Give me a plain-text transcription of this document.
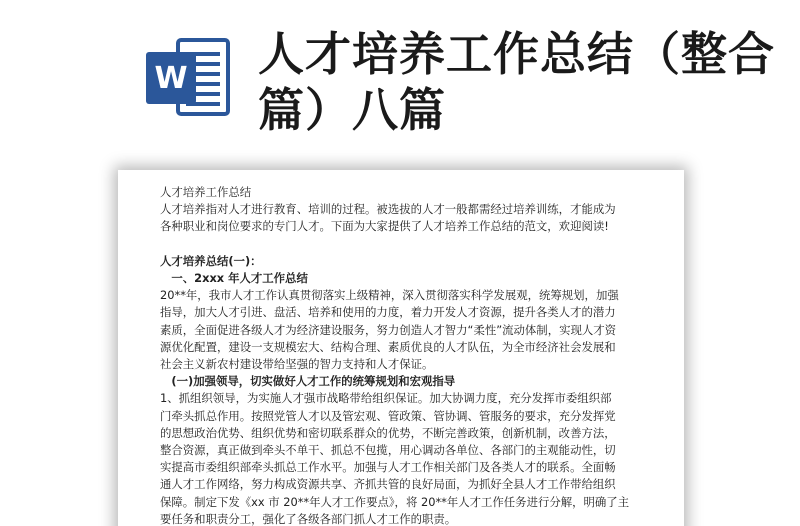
W 人才培养工作总结（整合篇）八篇

人才培养工作总结

人才培养指对人才进行教育、培训的过程。被选拔的人才一般都需经过培养训练，才能成为

各种职业和岗位要求的专门人才。下面为大家提供了人才培养工作总结的范文，欢迎阅读!

人才培养总结(一)：

　一、2xxx 年人才工作总结

20**年，我市人才工作认真贯彻落实上级精神，深入贯彻落实科学发展观，统筹规划，加强

指导，加大人才引进、盘活、培养和使用的力度，着力开发人才资源，提升各类人才的潜力

素质，全面促进各级人才为经济建设服务，努力创造人才智力“柔性”流动体制，实现人才资

源优化配置，建设一支规模宏大、结构合理、素质优良的人才队伍，为全市经济社会发展和

社会主义新农村建设带给坚强的智力支持和人才保证。

　(一)加强领导，切实做好人才工作的统筹规划和宏观指导

1、抓组织领导，为实施人才强市战略带给组织保证。加大协调力度，充分发挥市委组织部

门牵头抓总作用。按照党管人才以及管宏观、管政策、管协调、管服务的要求，充分发挥党

的思想政治优势、组织优势和密切联系群众的优势，不断完善政策，创新机制，改善方法，

整合资源，真正做到牵头不单干、抓总不包揽，用心调动各单位、各部门的主观能动性，切

实提高市委组织部牵头抓总工作水平。加强与人才工作相关部门及各类人才的联系。全面畅

通人才工作网络，努力构成资源共享、齐抓共管的良好局面，为抓好全县人才工作带给组织

保障。制定下发《xx 市 20**年人才工作要点》，将 20**年人才工作任务进行分解，明确了主

要任务和职责分工，强化了各级各部门抓人才工作的职责。
